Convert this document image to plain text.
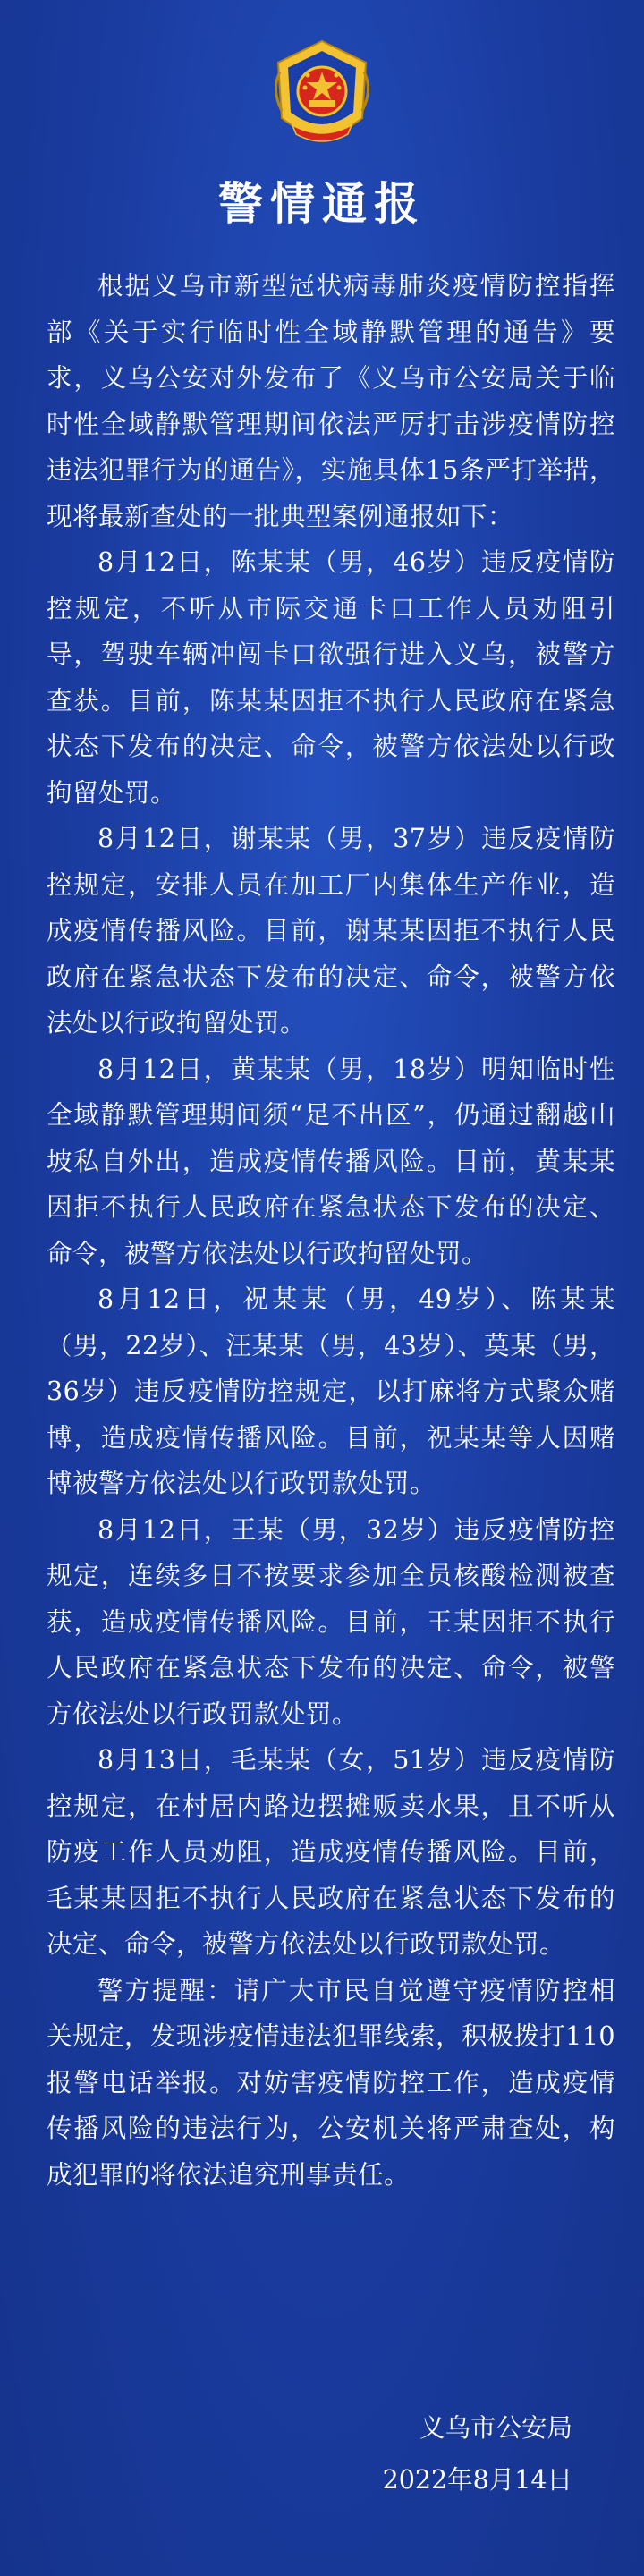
警情通报

根据义乌市新型冠状病毒肺炎疫情防控指挥部《关于实行临时性全域静默管理的通告》要求，义乌公安对外发布了《义乌市公安局关于临时性全域静默管理期间依法严厉打击涉疫情防控违法犯罪行为的通告》，实施具体15条严打举措，现将最新查处的一批典型案例通报如下：

8月12日，陈某某（男，46岁）违反疫情防控规定，不听从市际交通卡口工作人员劝阻引导，驾驶车辆冲闯卡口欲强行进入义乌，被警方查获。目前，陈某某因拒不执行人民政府在紧急状态下发布的决定、命令，被警方依法处以行政拘留处罚。

8月12日，谢某某（男，37岁）违反疫情防控规定，安排人员在加工厂内集体生产作业，造成疫情传播风险。目前，谢某某因拒不执行人民政府在紧急状态下发布的决定、命令，被警方依法处以行政拘留处罚。

8月12日，黄某某（男，18岁）明知临时性全域静默管理期间须“足不出区”，仍通过翻越山坡私自外出，造成疫情传播风险。目前，黄某某因拒不执行人民政府在紧急状态下发布的决定、命令，被警方依法处以行政拘留处罚。

8月12日，祝某某（男，49岁）、陈某某（男，22岁）、汪某某（男，43岁）、莫某（男，36岁）违反疫情防控规定，以打麻将方式聚众赌博，造成疫情传播风险。目前，祝某某等人因赌博被警方依法处以行政罚款处罚。

8月12日，王某（男，32岁）违反疫情防控规定，连续多日不按要求参加全员核酸检测被查获，造成疫情传播风险。目前，王某因拒不执行人民政府在紧急状态下发布的决定、命令，被警方依法处以行政罚款处罚。

8月13日，毛某某（女，51岁）违反疫情防控规定，在村居内路边摆摊贩卖水果，且不听从防疫工作人员劝阻，造成疫情传播风险。目前，毛某某因拒不执行人民政府在紧急状态下发布的决定、命令，被警方依法处以行政罚款处罚。

警方提醒：请广大市民自觉遵守疫情防控相关规定，发现涉疫情违法犯罪线索，积极拨打110报警电话举报。对妨害疫情防控工作，造成疫情传播风险的违法行为，公安机关将严肃查处，构成犯罪的将依法追究刑事责任。

义乌市公安局
2022年8月14日
